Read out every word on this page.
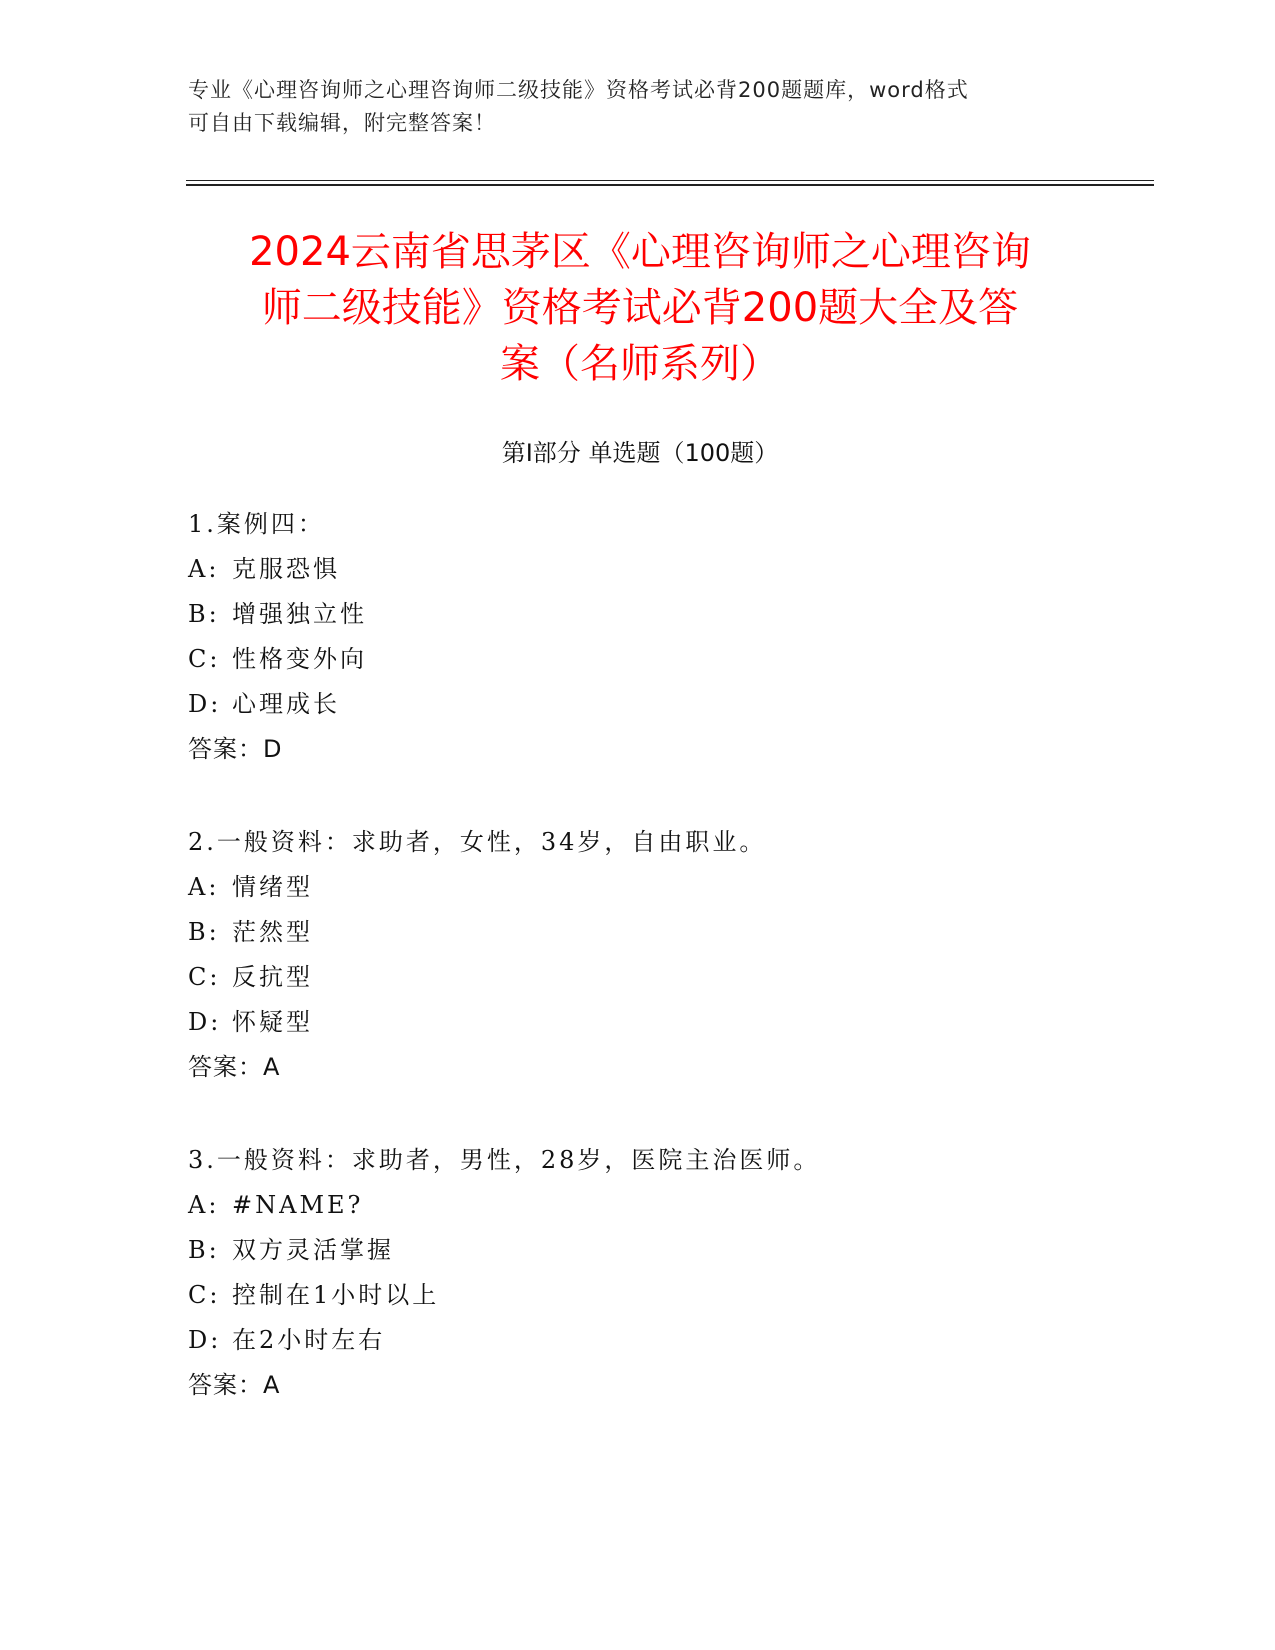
专业《心理咨询师之心理咨询师二级技能》资格考试必背200题题库，word格式
可自由下载编辑，附完整答案！
2024云南省思茅区《心理咨询师之心理咨询
师二级技能》资格考试必背200题大全及答
案（名师系列）
第Ⅰ部分 单选题（100题）
1.案例四：
A: 克服恐惧
B: 增强独立性
C: 性格变外向
D: 心理成长
答案：D
2.一般资料：求助者，女性，34岁，自由职业。
A: 情绪型
B: 茫然型
C: 反抗型
D: 怀疑型
答案：A
3.一般资料：求助者，男性，28岁，医院主治医师。
A: #NAME?
B: 双方灵活掌握
C: 控制在1小时以上
D: 在2小时左右
答案：A
